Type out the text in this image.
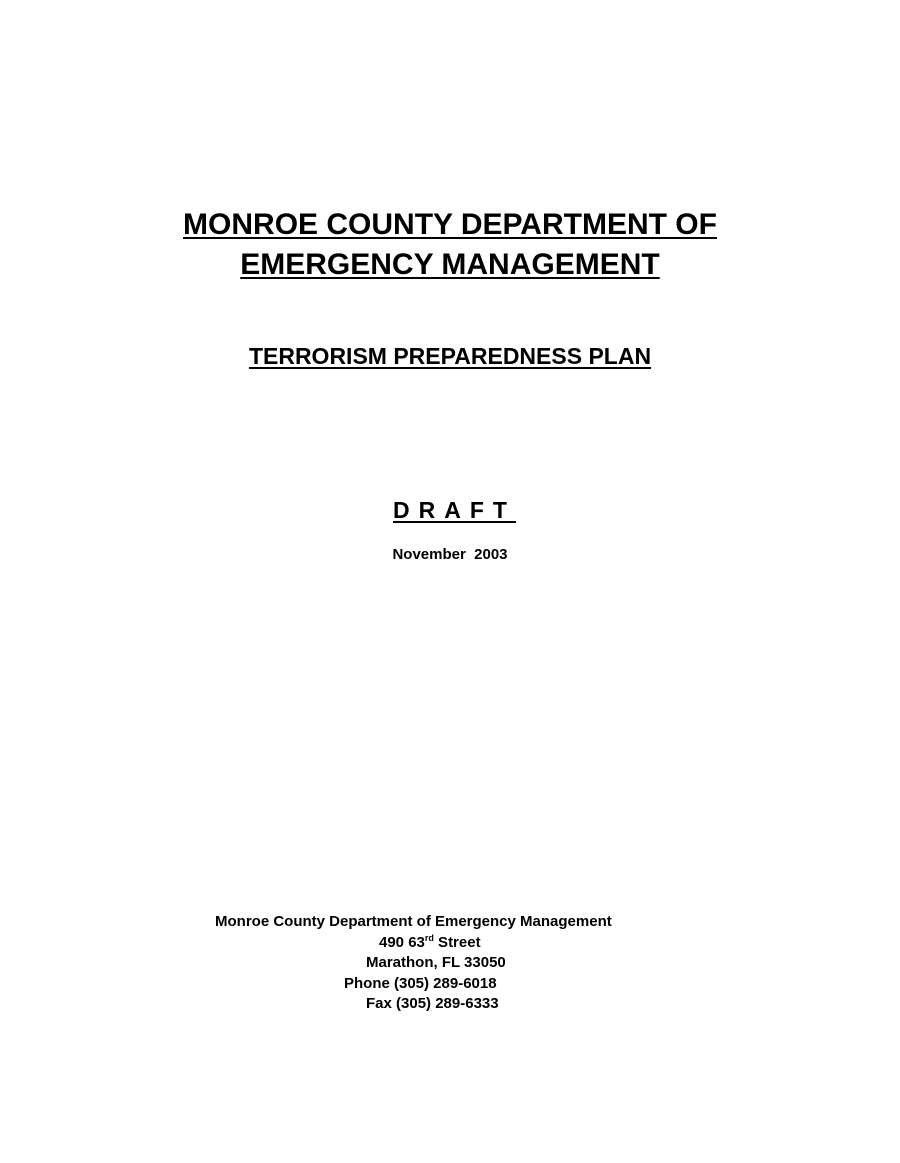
MONROE COUNTY DEPARTMENT OF
EMERGENCY MANAGEMENT
TERRORISM PREPAREDNESS PLAN
DRAFT
November  2003
Monroe County Department of Emergency Management
490 63rd Street
Marathon, FL 33050
Phone (305) 289-6018
Fax (305) 289-6333
